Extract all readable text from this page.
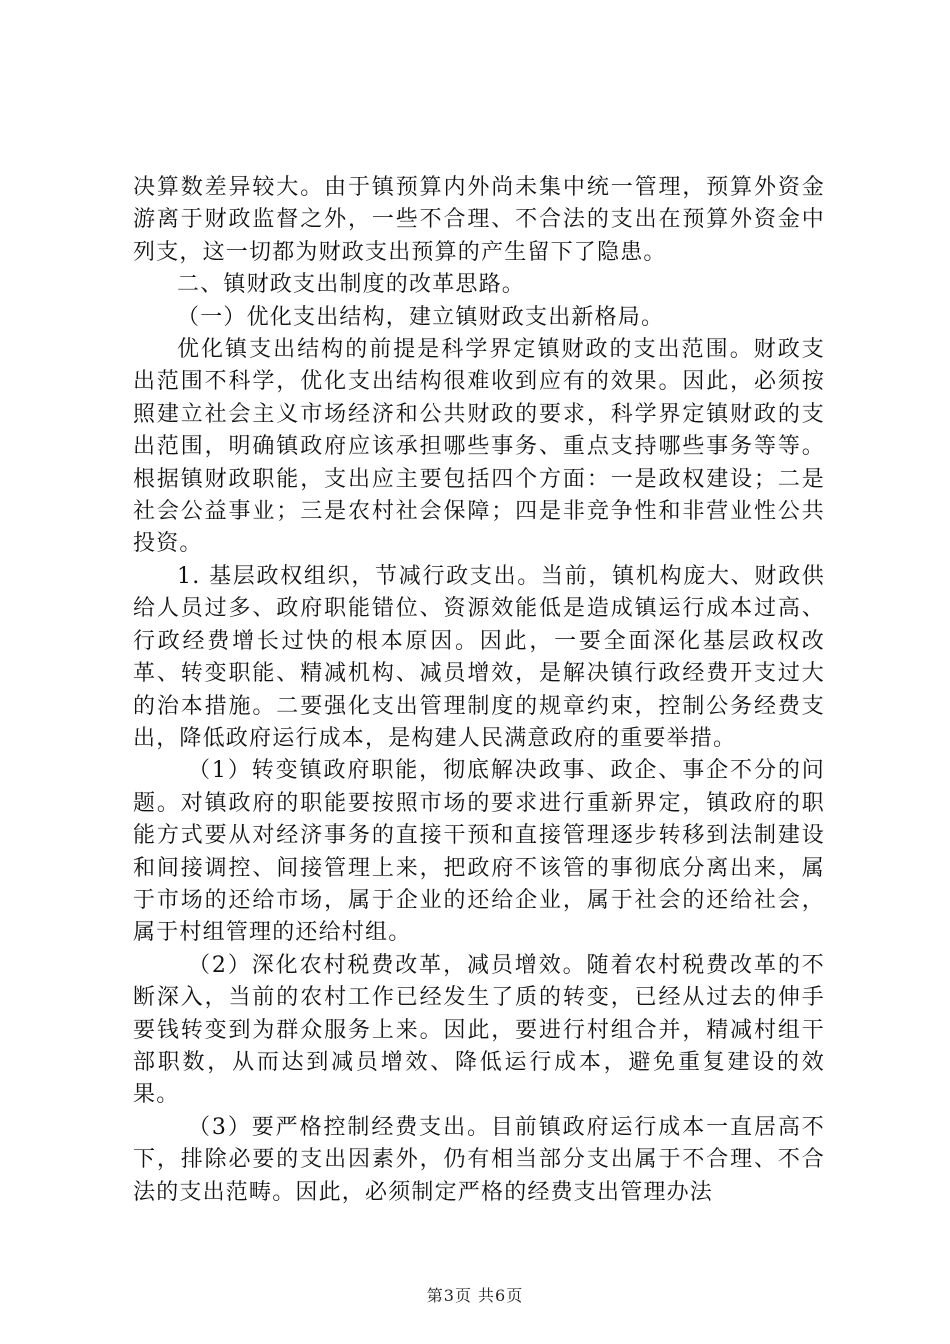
决算数差异较大。由于镇预算内外尚未集中统一管理，预算外资金游离于财政监督之外，一些不合理、不合法的支出在预算外资金中列支，这一切都为财政支出预算的产生留下了隐患。

二、镇财政支出制度的改革思路。

（一）优化支出结构，建立镇财政支出新格局。

优化镇支出结构的前提是科学界定镇财政的支出范围。财政支出范围不科学，优化支出结构很难收到应有的效果。因此，必须按照建立社会主义市场经济和公共财政的要求，科学界定镇财政的支出范围，明确镇政府应该承担哪些事务、重点支持哪些事务等等。根据镇财政职能，支出应主要包括四个方面：一是政权建设；二是社会公益事业；三是农村社会保障；四是非竞争性和非营业性公共投资。

1. 基层政权组织，节减行政支出。当前，镇机构庞大、财政供给人员过多、政府职能错位、资源效能低是造成镇运行成本过高、行政经费增长过快的根本原因。因此，一要全面深化基层政权改革、转变职能、精减机构、减员增效，是解决镇行政经费开支过大的治本措施。二要强化支出管理制度的规章约束，控制公务经费支出，降低政府运行成本，是构建人民满意政府的重要举措。

（1）转变镇政府职能，彻底解决政事、政企、事企不分的问题。对镇政府的职能要按照市场的要求进行重新界定，镇政府的职能方式要从对经济事务的直接干预和直接管理逐步转移到法制建设和间接调控、间接管理上来，把政府不该管的事彻底分离出来，属于市场的还给市场，属于企业的还给企业，属于社会的还给社会，属于村组管理的还给村组。

（2）深化农村税费改革，减员增效。随着农村税费改革的不断深入，当前的农村工作已经发生了质的转变，已经从过去的伸手要钱转变到为群众服务上来。因此，要进行村组合并，精减村组干部职数，从而达到减员增效、降低运行成本，避免重复建设的效果。

（3）要严格控制经费支出。目前镇政府运行成本一直居高不下，排除必要的支出因素外，仍有相当部分支出属于不合理、不合法的支出范畴。因此，必须制定严格的经费支出管理办法

第3页 共6页
